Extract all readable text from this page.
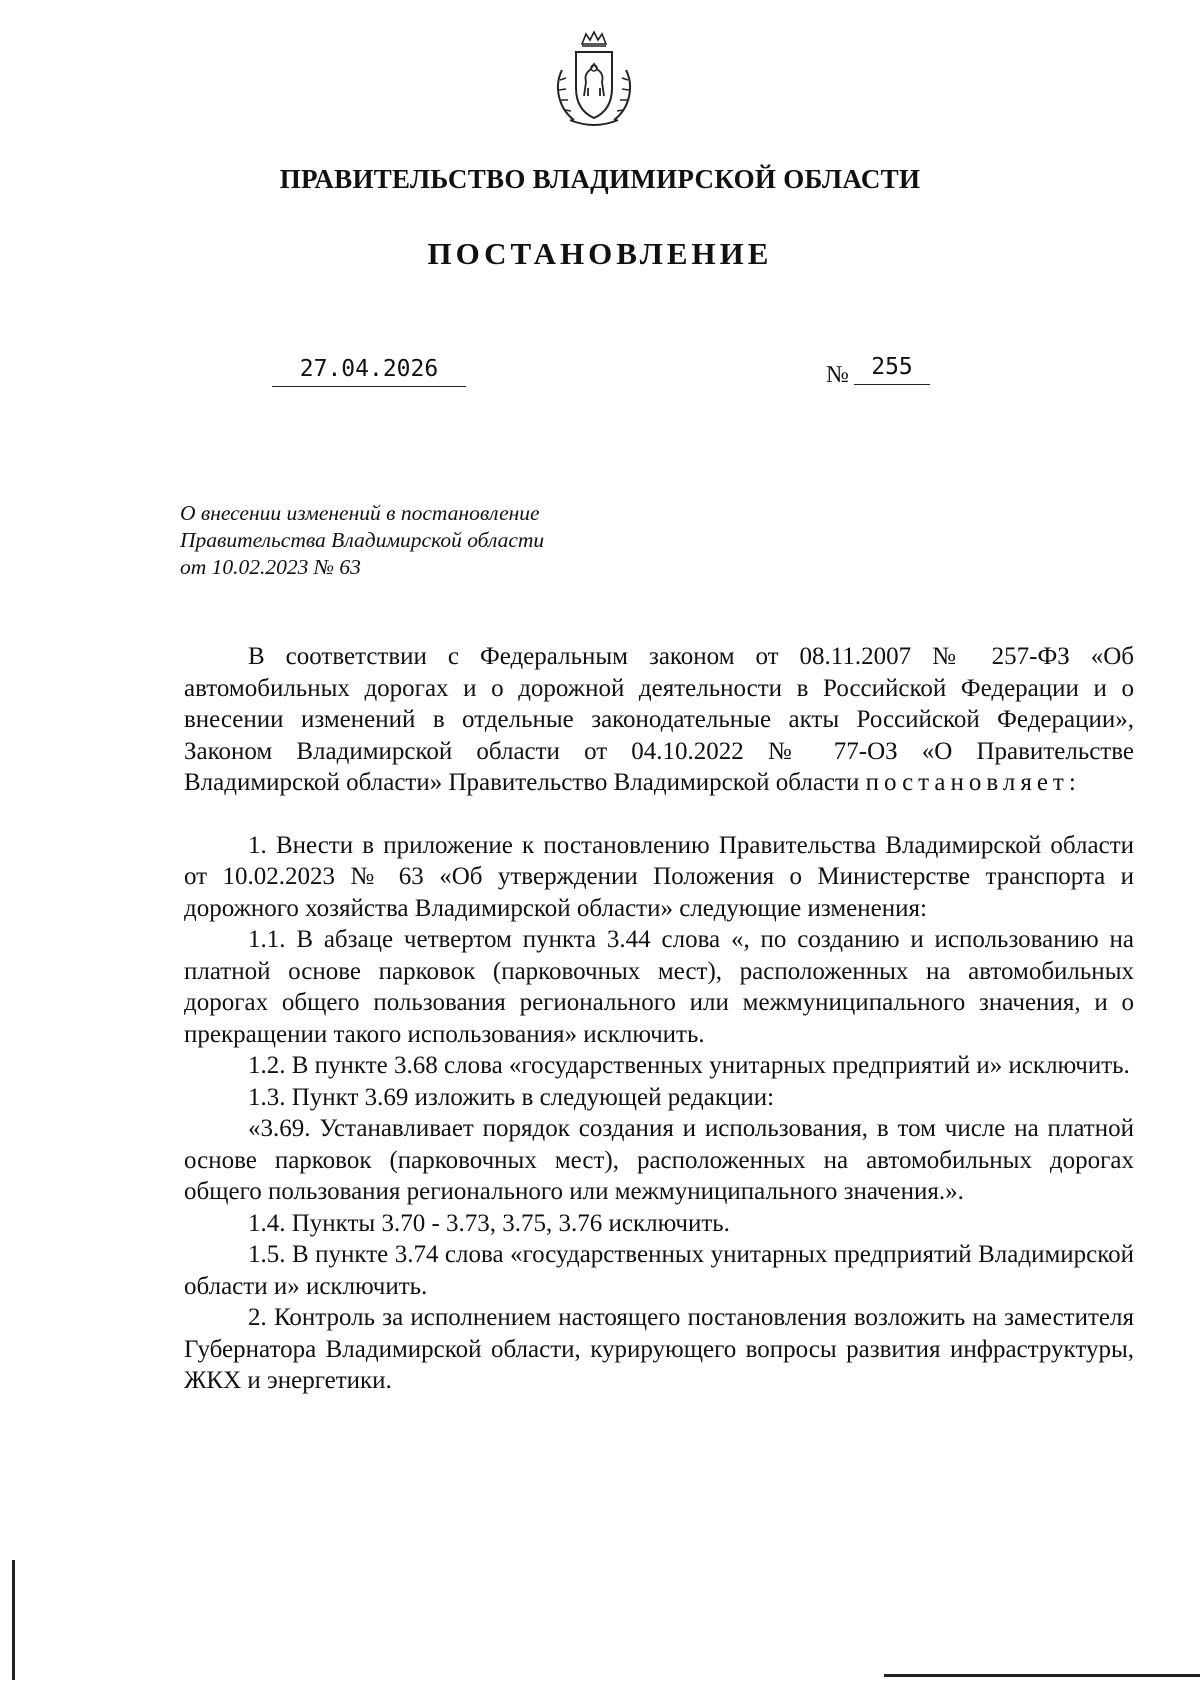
ПРАВИТЕЛЬСТВО ВЛАДИМИРСКОЙ ОБЛАСТИ
ПОСТАНОВЛЕНИЕ
27.04.2026	№ 255
О внесении изменений в постановление
Правительства Владимирской области
от 10.02.2023 № 63

В соответствии с Федеральным законом от 08.11.2007 № 257-ФЗ «Об автомобильных дорогах и о дорожной деятельности в Российской Федерации и о внесении изменений в отдельные законодательные акты Российской Федерации», Законом Владимирской области от 04.10.2022 № 77-ОЗ «О Правительстве Владимирской области» Правительство Владимирской области постановляет:

1. Внести в приложение к постановлению Правительства Владимирской области от 10.02.2023 № 63 «Об утверждении Положения о Министерстве транспорта и дорожного хозяйства Владимирской области» следующие изменения:

1.1. В абзаце четвертом пункта 3.44 слова «, по созданию и использованию на платной основе парковок (парковочных мест), расположенных на автомобильных дорогах общего пользования регионального или межмуниципального значения, и о прекращении такого использования» исключить.

1.2. В пункте 3.68 слова «государственных унитарных предприятий и» исключить.

1.3. Пункт 3.69 изложить в следующей редакции:

«3.69. Устанавливает порядок создания и использования, в том числе на платной основе парковок (парковочных мест), расположенных на автомобильных дорогах общего пользования регионального или межмуниципального значения.».

1.4. Пункты 3.70 - 3.73, 3.75, 3.76 исключить.

1.5. В пункте 3.74 слова «государственных унитарных предприятий Владимирской области и» исключить.

2. Контроль за исполнением настоящего постановления возложить на заместителя Губернатора Владимирской области, курирующего вопросы развития инфраструктуры, ЖКХ и энергетики.
